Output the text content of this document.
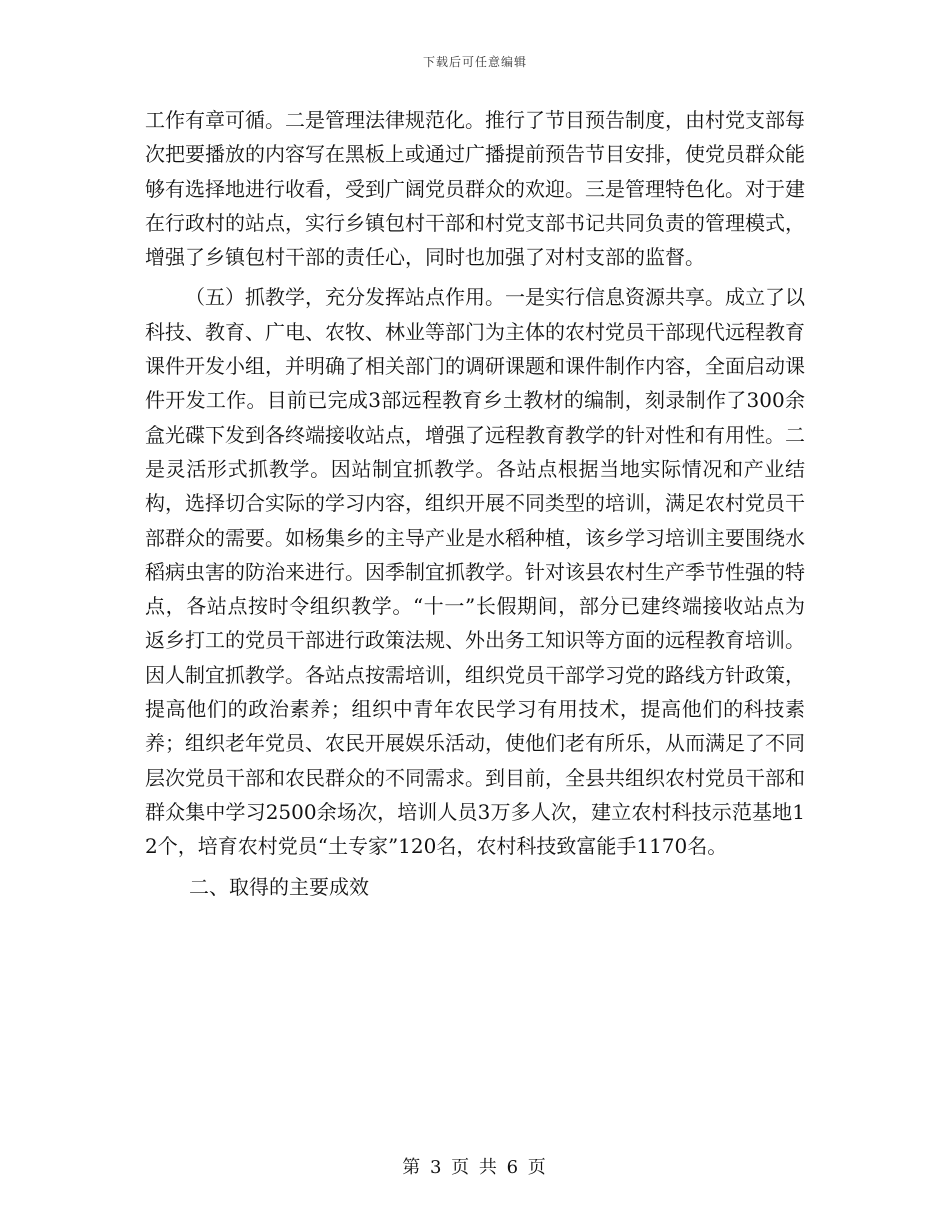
下载后可任意编辑

工作有章可循。二是管理法律规范化。推行了节目预告制度，由村党支部每次把要播放的内容写在黑板上或通过广播提前预告节目安排，使党员群众能够有选择地进行收看，受到广阔党员群众的欢迎。三是管理特色化。对于建在行政村的站点，实行乡镇包村干部和村党支部书记共同负责的管理模式，增强了乡镇包村干部的责任心，同时也加强了对村支部的监督。

（五）抓教学，充分发挥站点作用。一是实行信息资源共享。成立了以科技、教育、广电、农牧、林业等部门为主体的农村党员干部现代远程教育课件开发小组，并明确了相关部门的调研课题和课件制作内容，全面启动课件开发工作。目前已完成3部远程教育乡土教材的编制，刻录制作了300余盒光碟下发到各终端接收站点，增强了远程教育教学的针对性和有用性。二是灵活形式抓教学。因站制宜抓教学。各站点根据当地实际情况和产业结构，选择切合实际的学习内容，组织开展不同类型的培训，满足农村党员干部群众的需要。如杨集乡的主导产业是水稻种植，该乡学习培训主要围绕水稻病虫害的防治来进行。因季制宜抓教学。针对该县农村生产季节性强的特点，各站点按时令组织教学。“十一”长假期间，部分已建终端接收站点为返乡打工的党员干部进行政策法规、外出务工知识等方面的远程教育培训。因人制宜抓教学。各站点按需培训，组织党员干部学习党的路线方针政策，提高他们的政治素养；组织中青年农民学习有用技术，提高他们的科技素养；组织老年党员、农民开展娱乐活动，使他们老有所乐，从而满足了不同层次党员干部和农民群众的不同需求。到目前，全县共组织农村党员干部和群众集中学习2500余场次，培训人员3万多人次，建立农村科技示范基地12个，培育农村党员“土专家”120名，农村科技致富能手1170名。

二、取得的主要成效

第 3 页 共 6 页
